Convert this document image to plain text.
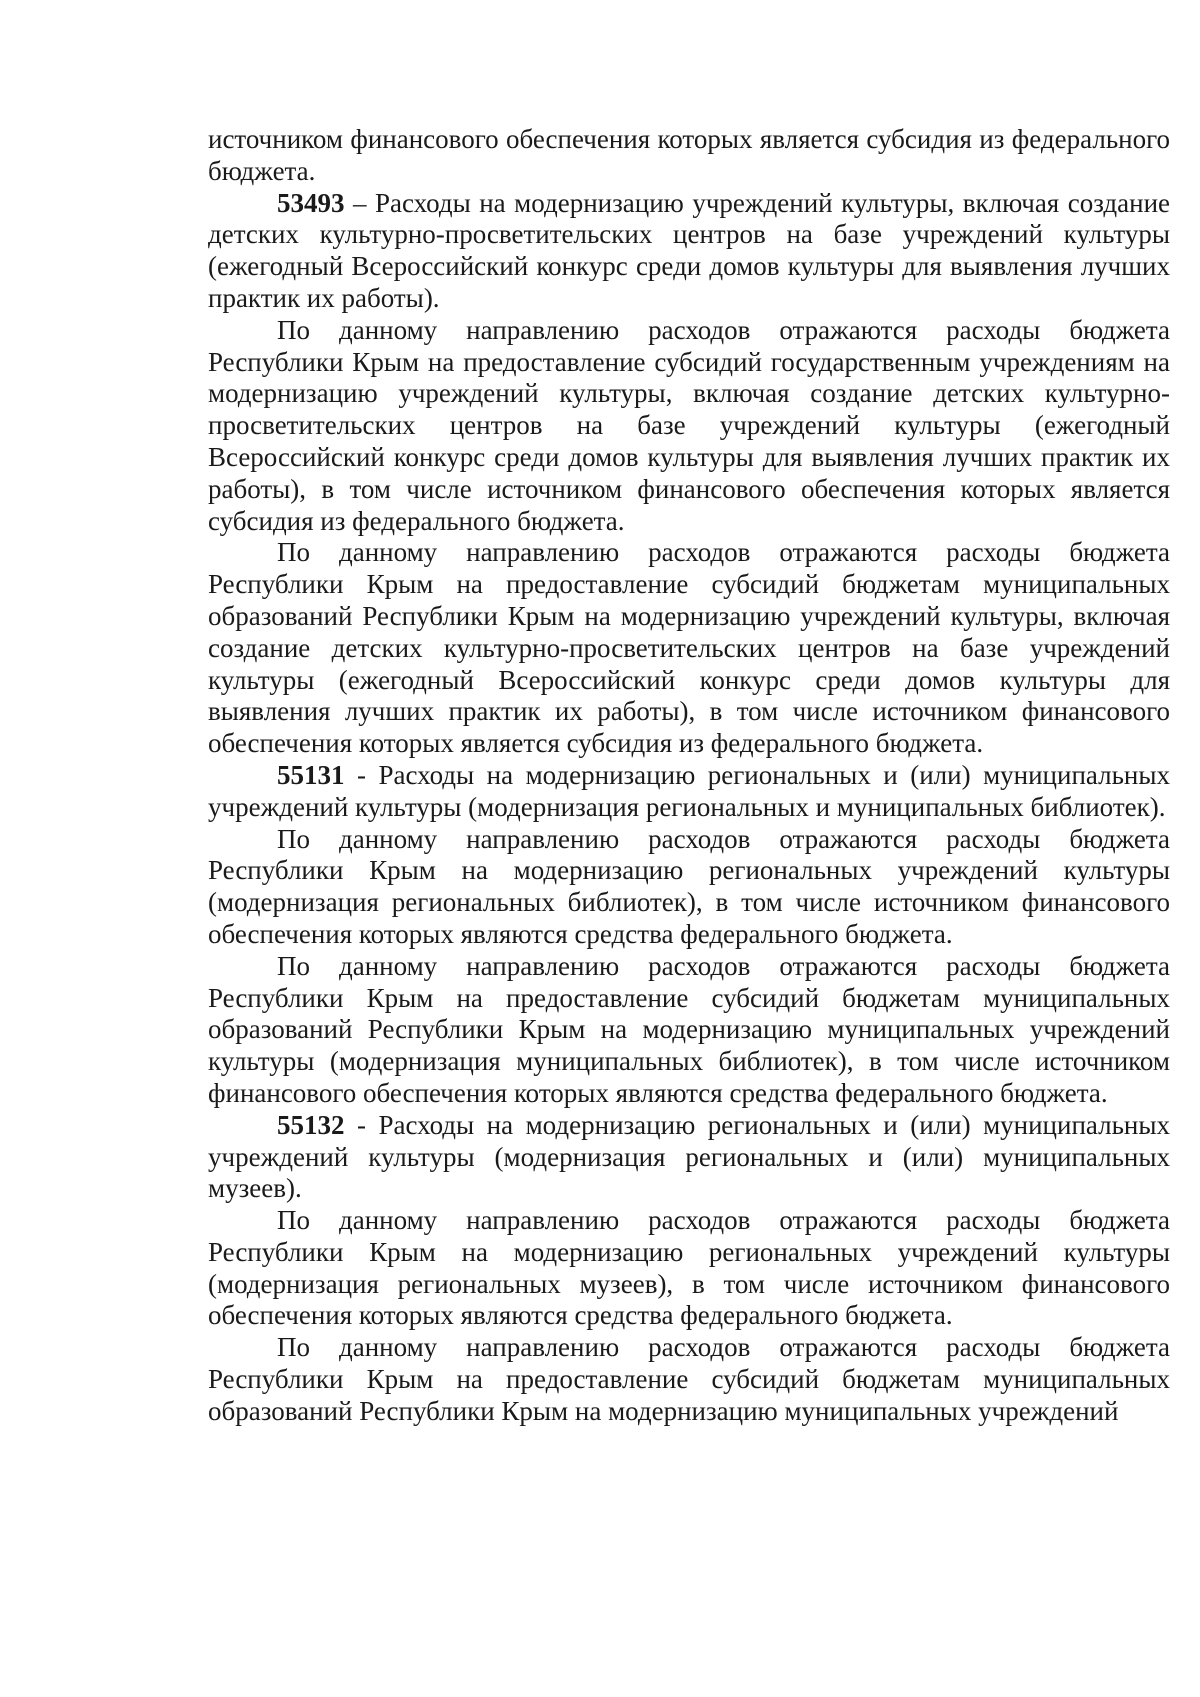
источником финансового обеспечения которых является субсидия из федерального бюджета.

53493 – Расходы на модернизацию учреждений культуры, включая создание детских культурно-просветительских центров на базе учреждений культуры (ежегодный Всероссийский конкурс среди домов культуры для выявления лучших практик их работы).

По данному направлению расходов отражаются расходы бюджета Республики Крым на предоставление субсидий государственным учреждениям на модернизацию учреждений культуры, включая создание детских культурно-просветительских центров на базе учреждений культуры (ежегодный Всероссийский конкурс среди домов культуры для выявления лучших практик их работы), в том числе источником финансового обеспечения которых является субсидия из федерального бюджета.

По данному направлению расходов отражаются расходы бюджета Республики Крым на предоставление субсидий бюджетам муниципальных образований Республики Крым на модернизацию учреждений культуры, включая создание детских культурно-просветительских центров на базе учреждений культуры (ежегодный Всероссийский конкурс среди домов культуры для выявления лучших практик их работы), в том числе источником финансового обеспечения которых является субсидия из федерального бюджета.

55131 - Расходы на модернизацию региональных и (или) муниципальных учреждений культуры (модернизация региональных и муниципальных библиотек).

По данному направлению расходов отражаются расходы бюджета Республики Крым на модернизацию региональных учреждений культуры (модернизация региональных библиотек), в том числе источником финансового обеспечения которых являются средства федерального бюджета.

По данному направлению расходов отражаются расходы бюджета Республики Крым на предоставление субсидий бюджетам муниципальных образований Республики Крым на модернизацию муниципальных учреждений культуры (модернизация муниципальных библиотек), в том числе источником финансового обеспечения которых являются средства федерального бюджета.

55132 - Расходы на модернизацию региональных и (или) муниципальных учреждений культуры (модернизация региональных и (или) муниципальных музеев).

По данному направлению расходов отражаются расходы бюджета Республики Крым на модернизацию региональных учреждений культуры (модернизация региональных музеев), в том числе источником финансового обеспечения которых являются средства федерального бюджета.

По данному направлению расходов отражаются расходы бюджета Республики Крым на предоставление субсидий бюджетам муниципальных образований Республики Крым на модернизацию муниципальных учреждений
